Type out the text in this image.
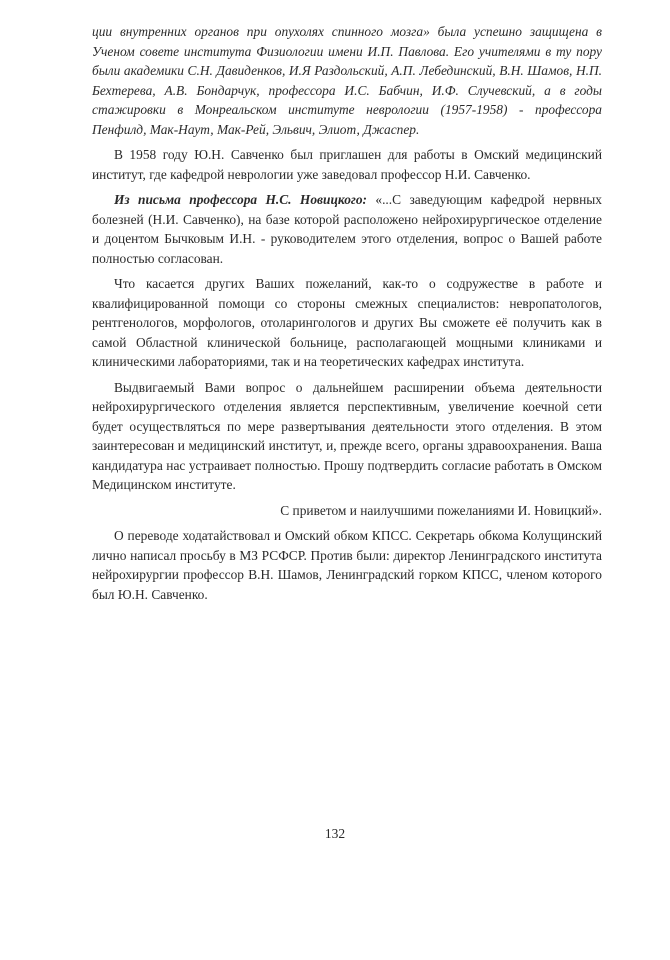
ции внутренних органов при опухолях спинного мозга» была успешно защищена в Ученом совете института Физиологии имени И.П. Павлова. Его учителями в ту пору были академики С.Н. Давиденков, И.Я Раздольский, А.П. Лебединский, В.Н. Шамов, Н.П. Бехтерева, А.В. Бондарчук, профессора И.С. Бабчин, И.Ф. Случевский, а в годы стажировки в Монреальском институте неврологии (1957-1958) - профессора Пенфилд, Мак-Наут, Мак-Рей, Эльвич, Элиот, Джаспер.

В 1958 году Ю.Н. Савченко был приглашен для работы в Омский медицинский институт, где кафедрой неврологии уже заведовал профессор Н.И. Савченко.

Из письма профессора Н.С. Новицкого: «...С заведующим кафедрой нервных болезней (Н.И. Савченко), на базе которой расположено нейрохирургическое отделение и доцентом Бычковым И.Н. - руководителем этого отделения, вопрос о Вашей работе полностью согласован.

Что касается других Ваших пожеланий, как-то о содружестве в работе и квалифицированной помощи со стороны смежных специалистов: невропатологов, рентгенологов, морфологов, отоларингологов и других Вы сможете её получить как в самой Областной клинической больнице, располагающей мощными клиниками и клиническими лабораториями, так и на теоретических кафедрах института.

Выдвигаемый Вами вопрос о дальнейшем расширении объема деятельности нейрохирургического отделения является перспективным, увеличение коечной сети будет осуществляться по мере развертывания деятельности этого отделения. В этом заинтересован и медицинский институт, и, прежде всего, органы здравоохранения. Ваша кандидатура нас устраивает полностью. Прошу подтвердить согласие работать в Омском Медицинском институте.

С приветом и наилучшими пожеланиями И. Новицкий».

О переводе ходатайствовал и Омский обком КПСС. Секретарь обкома Колущинский лично написал просьбу в МЗ РСФСР. Против были: директор Ленинградского института нейрохирургии профессор В.Н. Шамов, Ленинградский горком КПСС, членом которого был Ю.Н. Савченко.

132
